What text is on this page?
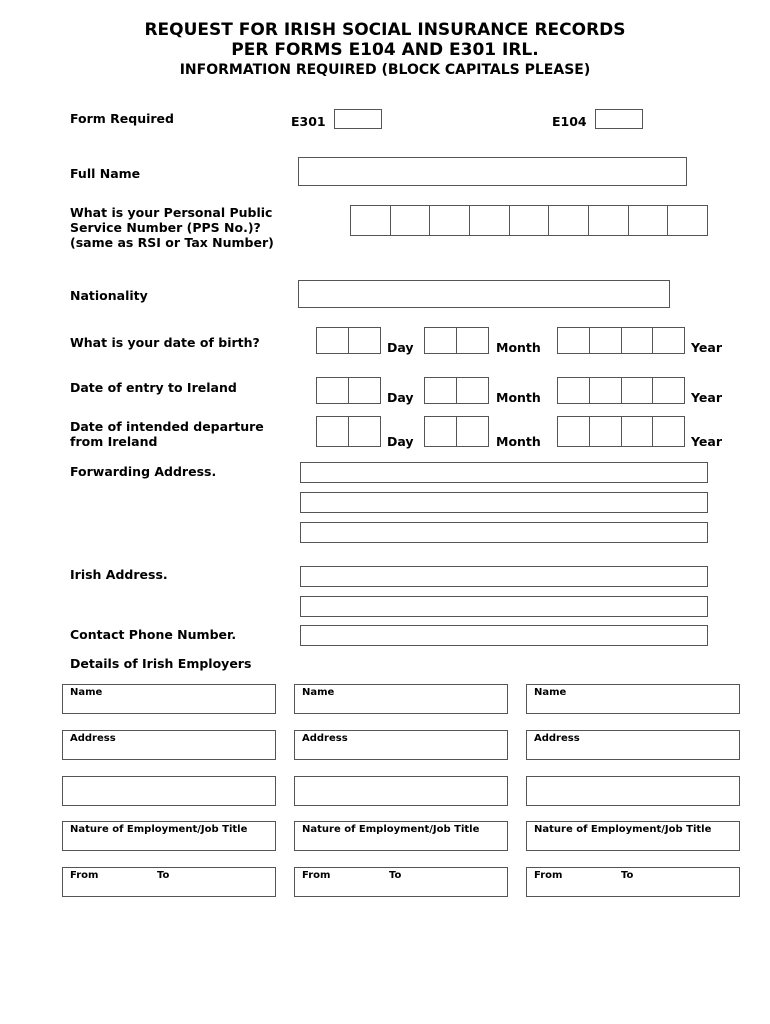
REQUEST FOR IRISH SOCIAL INSURANCE RECORDS
PER FORMS E104 AND E301 IRL.
INFORMATION REQUIRED (BLOCK CAPITALS PLEASE)
Form Required	E301	E104
Full Name
What is your Personal Public
Service Number (PPS No.)?
(same as RSI or Tax Number)
Nationality
What is your date of birth?	Day	Month	Year
Date of entry to Ireland
Day	Month	Year
Date of intended departure
from Ireland	Day	Month	Year
Forwarding Address.
Irish Address.
Contact Phone Number.
Details of Irish Employers
Name
Address
Nature of Employment/Job Title
From	To
Name
Address
Nature of Employment/Job Title
From	To
Name
Address
Nature of Employment/Job Title
From	To
